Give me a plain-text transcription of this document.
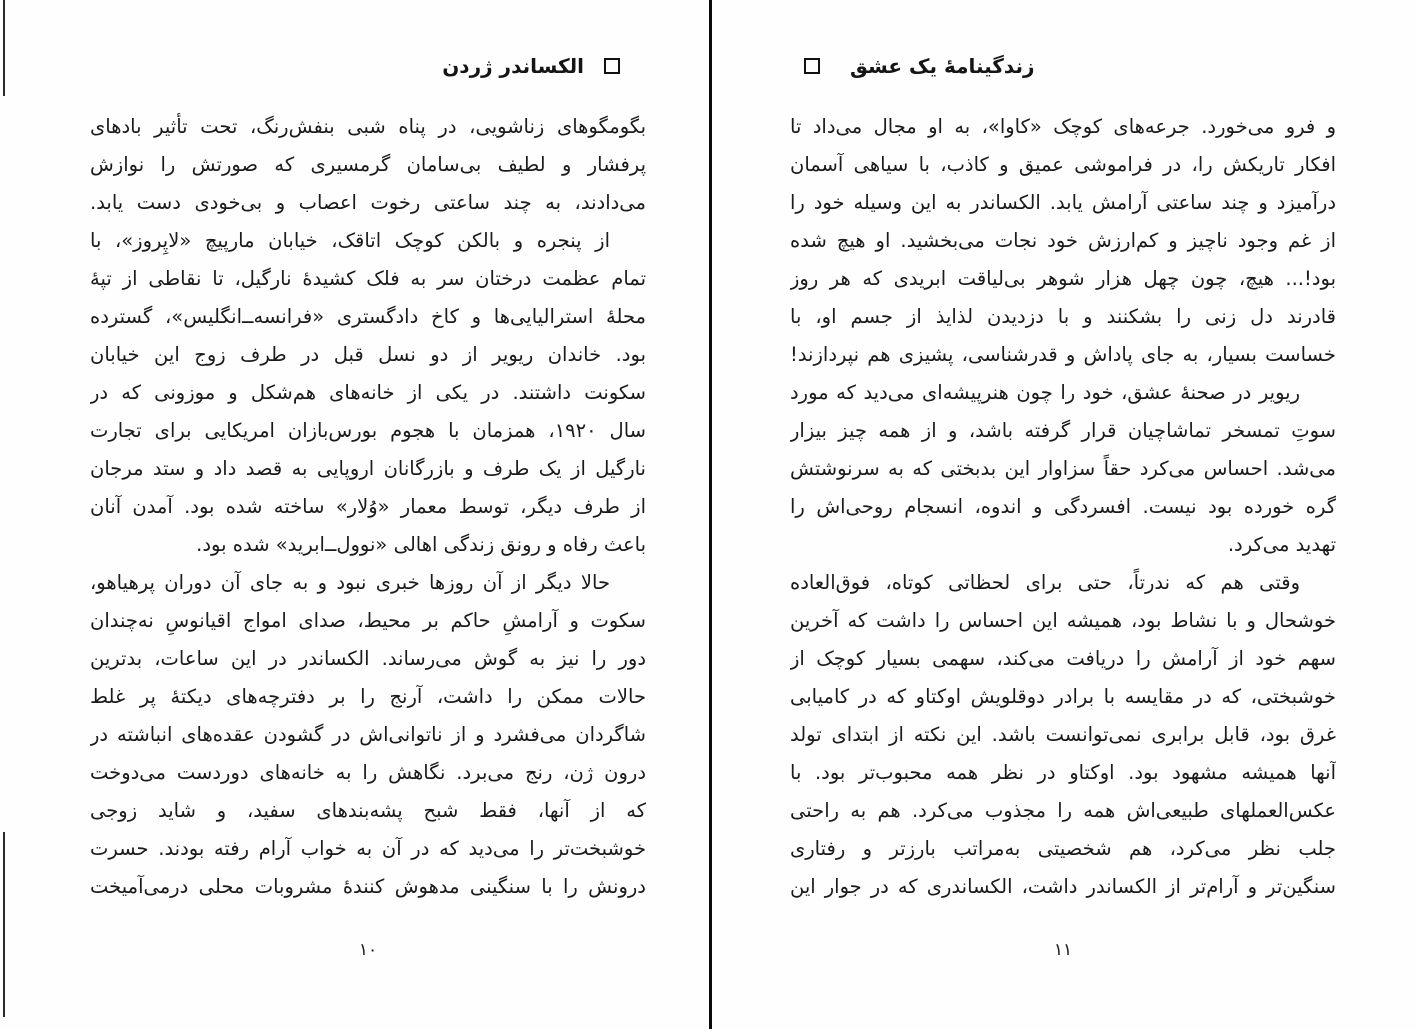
الکساندر ژردن
بگومگوهای زناشویی، در پناه شبی بنفش‌رنگ، تحت تأثیر بادهای
پرفشار و لطیف بی‌سامان گرمسیری که صورتش را نوازش
می‌دادند، به چند ساعتی رخوت اعصاب و بی‌خودی دست یابد.
از پنجره و بالکن کوچک اتاقک، خیابان مارپیچ «لاپِروز»، با
تمام عظمت درختان سر به فلک کشیدهٔ نارگیل، تا نقاطی از تپهٔ
محلهٔ استرالیایی‌ها و کاخ دادگستری «فرانسه‌ــ‌انگلیس»، گسترده
بود. خاندان ریویر از دو نسل قبل در طرف زوج این خیابان
سکونت داشتند. در یکی از خانه‌های هم‌شکل و موزونی که در
سال ۱۹۲۰، همزمان با هجوم بورس‌بازان امریکایی برای تجارت
نارگیل از یک طرف و بازرگانان اروپایی به قصد داد و ستد مرجان
از طرف دیگر، توسط معمار «وُلار» ساخته شده بود. آمدن آنان
باعث رفاه و رونق زندگی اهالی «نوول‌ــ‌ابرید» شده بود.
حالا دیگر از آن روزها خبری نبود و به جای آن دوران پرهیاهو،
سکوت و آرامشِ حاکم بر محیط، صدای امواج اقیانوسِ نه‌چندان
دور را نیز به گوش می‌رساند. الکساندر در این ساعات، بدترین
حالات ممکن را داشت، آرنج را بر دفترچه‌های دیکتهٔ پر غلط
شاگردان می‌فشرد و از ناتوانی‌اش در گشودن عقده‌های انباشته در
درون ژن، رنج می‌برد. نگاهش را به خانه‌های دوردست می‌دوخت
که از آنها، فقط شبح پشه‌بندهای سفید، و شاید زوجی
خوشبخت‌تر را می‌دید که در آن به خواب آرام رفته بودند. حسرت
درونش را با سنگینی مدهوش کنندهٔ مشروبات محلی درمی‌آمیخت
۱۰
زندگینامهٔ یک عشق
و فرو می‌خورد. جرعه‌های کوچک «کاوا»، به او مجال می‌داد تا
افکار تاریکش را، در فراموشی عمیق و کاذب، با سیاهی آسمان
درآمیزد و چند ساعتی آرامش یابد. الکساندر به این وسیله خود را
از غم وجود ناچیز و کم‌ارزش خود نجات می‌بخشید. او هیچ شده
بود!... هیچ، چون چهل هزار شوهر بی‌لیاقت ابریدی که هر روز
قادرند دل زنی را بشکنند و با دزدیدن لذایذ از جسم او، با
خساست بسیار، به جای پاداش و قدرشناسی، پشیزی هم نپردازند!
ریویر در صحنهٔ عشق، خود را چون هنرپیشه‌ای می‌دید که مورد
سوتِ تمسخر تماشاچیان قرار گرفته باشد، و از همه چیز بیزار
می‌شد. احساس می‌کرد حقاً سزاوار این بدبختی که به سرنوشتش
گره خورده بود نیست. افسردگی و اندوه، انسجام روحی‌اش را
تهدید می‌کرد.
وقتی هم که ندرتاً، حتی برای لحظاتی کوتاه، فوق‌العاده
خوشحال و با نشاط بود، همیشه این احساس را داشت که آخرین
سهم خود از آرامش را دریافت می‌کند، سهمی بسیار کوچک از
خوشبختی، که در مقایسه با برادر دوقلویش اوکتاو که در کامیابی
غرق بود، قابل برابری نمی‌توانست باشد. این نکته از ابتدای تولد
آنها همیشه مشهود بود. اوکتاو در نظر همه محبوب‌تر بود. با
عکس‌العملهای طبیعی‌اش همه را مجذوب می‌کرد. هم به راحتی
جلب نظر می‌کرد، هم شخصیتی به‌مراتب بارزتر و رفتاری
سنگین‌تر و آرام‌تر از الکساندر داشت، الکساندری که در جوار این
۱۱
